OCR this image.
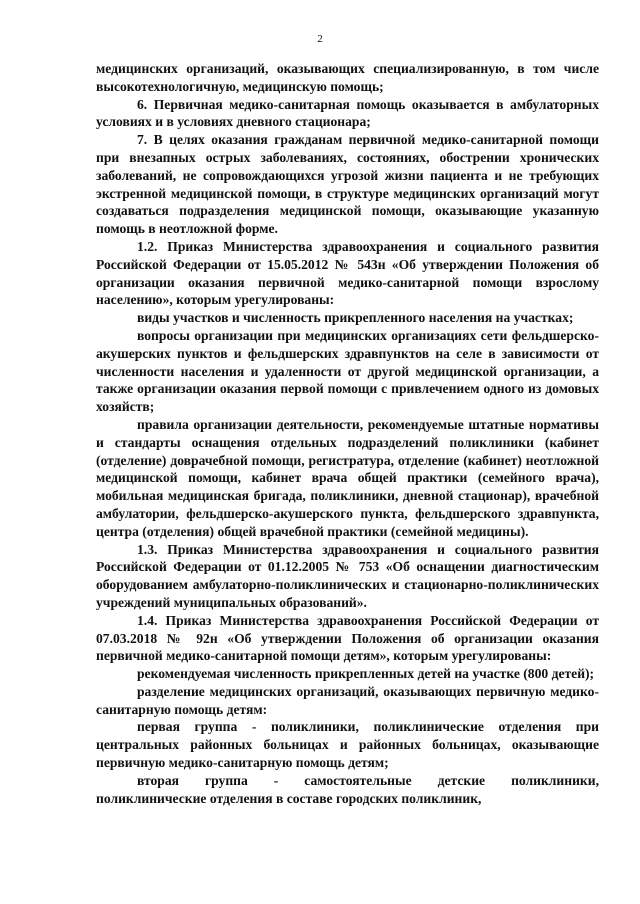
2

медицинских организаций, оказывающих специализированную, в том числе высокотехнологичную, медицинскую помощь;

6. Первичная медико-санитарная помощь оказывается в амбулаторных условиях и в условиях дневного стационара;

7. В целях оказания гражданам первичной медико-санитарной помощи при внезапных острых заболеваниях, состояниях, обострении хронических заболеваний, не сопровождающихся угрозой жизни пациента и не требующих экстренной медицинской помощи, в структуре медицинских организаций могут создаваться подразделения медицинской помощи, оказывающие указанную помощь в неотложной форме.

1.2. Приказ Министерства здравоохранения и социального развития Российской Федерации от 15.05.2012 № 543н «Об утверждении Положения об организации оказания первичной медико-санитарной помощи взрослому населению», которым урегулированы:

виды участков и численность прикрепленного населения на участках;

вопросы организации при медицинских организациях сети фельдшерско-акушерских пунктов и фельдшерских здравпунктов на селе в зависимости от численности населения и удаленности от другой медицинской организации, а также организации оказания первой помощи с привлечением одного из домовых хозяйств;

правила организации деятельности, рекомендуемые штатные нормативы и стандарты оснащения отдельных подразделений поликлиники (кабинет (отделение) доврачебной помощи, регистратура, отделение (кабинет) неотложной медицинской помощи, кабинет врача общей практики (семейного врача), мобильная медицинская бригада, поликлиники, дневной стационар), врачебной амбулатории, фельдшерско-акушерского пункта, фельдшерского здравпункта, центра (отделения) общей врачебной практики (семейной медицины).

1.3. Приказ Министерства здравоохранения и социального развития Российской Федерации от 01.12.2005 № 753 «Об оснащении диагностическим оборудованием амбулаторно-поликлинических и стационарно-поликлинических учреждений муниципальных образований».

1.4. Приказ Министерства здравоохранения Российской Федерации от 07.03.2018 № 92н «Об утверждении Положения об организации оказания первичной медико-санитарной помощи детям», которым урегулированы:

рекомендуемая численность прикрепленных детей на участке (800 детей);

разделение медицинских организаций, оказывающих первичную медико-санитарную помощь детям:

первая группа - поликлиники, поликлинические отделения при центральных районных больницах и районных больницах, оказывающие первичную медико-санитарную помощь детям;

вторая группа - самостоятельные детские поликлиники, поликлинические отделения в составе городских поликлиник,
